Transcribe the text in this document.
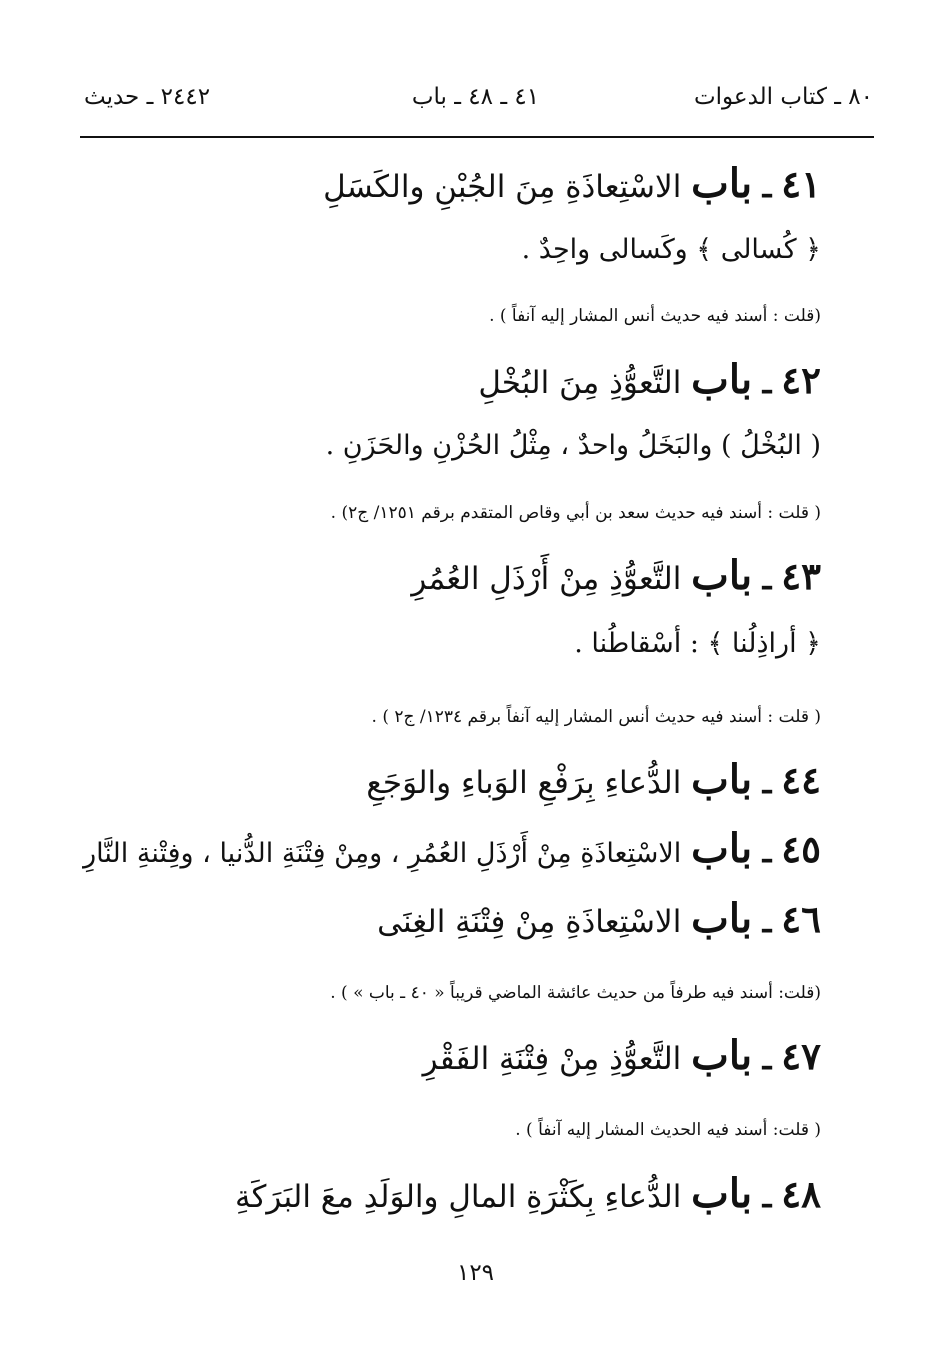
٨٠ ـ كتاب الدعوات
٤١ ـ ٤٨ ـ باب
٢٤٤٢ ـ حديث
٤١ ـ باب الاسْتِعاذَةِ مِنَ الجُبْنِ والكَسَلِ
﴿ كُسالى ﴾ وكَسالى واحِدٌ .
(قلت : أسند فيه حديث أنس المشار إليه آنفاً ) .
٤٢ ـ باب التَّعوُّذِ مِنَ البُخْلِ
( البُخْلُ ) والبَخَلُ واحدٌ ، مِثْلُ الحُزْنِ والحَزَنِ .
( قلت : أسند فيه حديث سعد بن أبي وقاص المتقدم برقم ١٢٥١/ ج٢) .
٤٣ ـ باب التَّعوُّذِ مِنْ أَرْذَلِ العُمُرِ
﴿ أراذِلُنا ﴾ : أسْقاطُنا .
( قلت : أسند فيه حديث أنس المشار إليه آنفاً برقم ١٢٣٤/ ج٢ ) .
٤٤ ـ باب الدُّعاءِ بِرَفْعِ الوَباءِ والوَجَعِ
٤٥ ـ باب الاسْتِعاذَةِ مِنْ أَرْذَلِ العُمُرِ ، ومِنْ فِتْنَةِ الدُّنيا ، وفِتْنةِ النَّارِ
٤٦ ـ باب الاسْتِعاذَةِ مِنْ فِتْنَةِ الغِنَى
(قلت: أسند فيه طرفاً من حديث عائشة الماضي قريباً « ٤٠ ـ باب » ) .
٤٧ ـ باب التَّعوُّذِ مِنْ فِتْنَةِ الفَقْرِ
( قلت: أسند فيه الحديث المشار إليه آنفاً ) .
٤٨ ـ باب الدُّعاءِ بِكَثْرَةِ المالِ والوَلَدِ معَ البَرَكَةِ
١٢٩
